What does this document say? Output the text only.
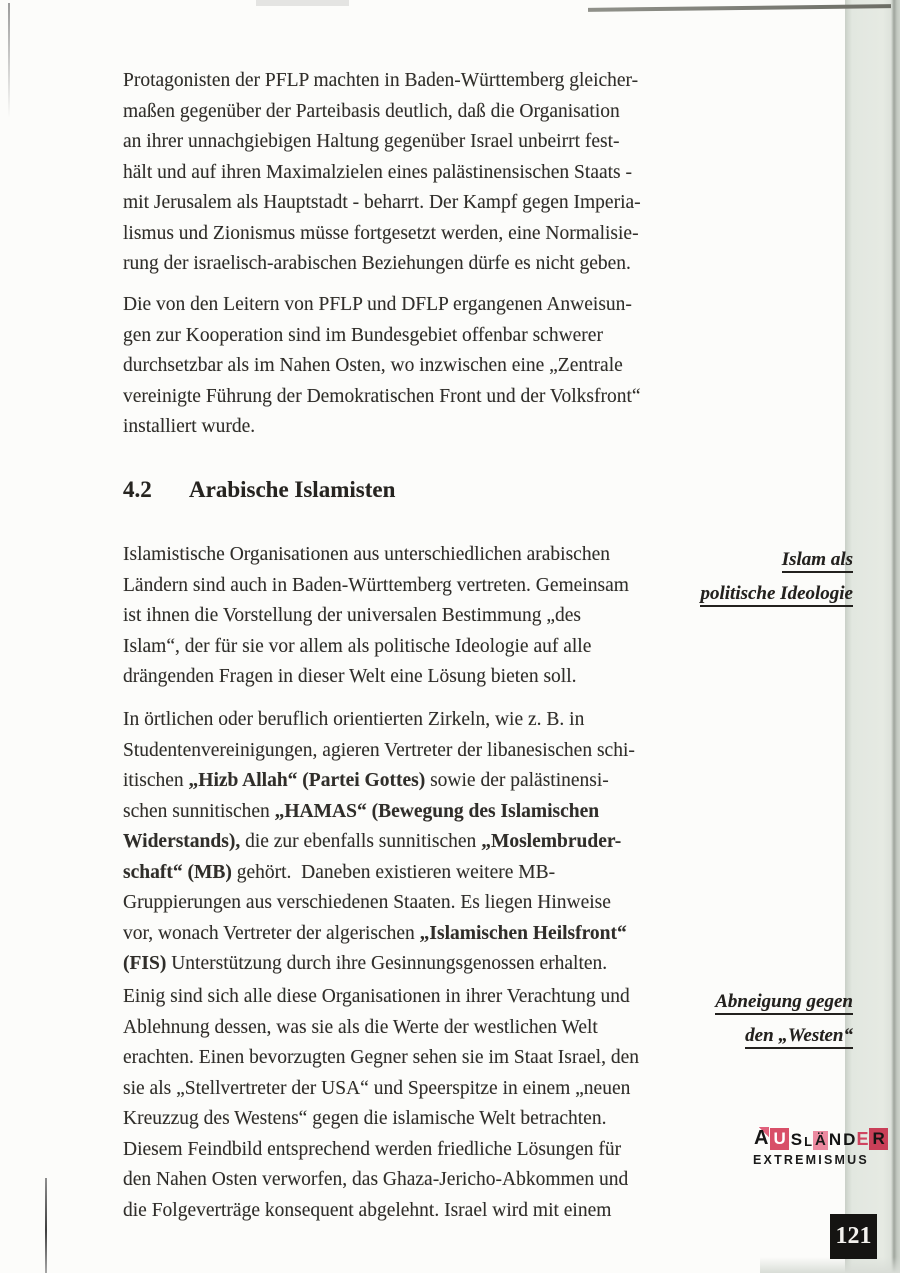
Protagonisten der PFLP machten in Baden-Württemberg gleicher-
maßen gegenüber der Parteibasis deutlich, daß die Organisation
an ihrer unnachgiebigen Haltung gegenüber Israel unbeirrt fest-
hält und auf ihren Maximalzielen eines palästinensischen Staats -
mit Jerusalem als Hauptstadt - beharrt. Der Kampf gegen Imperia-
lismus und Zionismus müsse fortgesetzt werden, eine Normalisie-
rung der israelisch-arabischen Beziehungen dürfe es nicht geben.

Die von den Leitern von PFLP und DFLP ergangenen Anweisun-
gen zur Kooperation sind im Bundesgebiet offenbar schwerer
durchsetzbar als im Nahen Osten, wo inzwischen eine „Zentrale
vereinigte Führung der Demokratischen Front und der Volksfront“
installiert wurde.

4.2 Arabische Islamisten

Islamistische Organisationen aus unterschiedlichen arabischen
Ländern sind auch in Baden-Württemberg vertreten. Gemeinsam
ist ihnen die Vorstellung der universalen Bestimmung „des
Islam“, der für sie vor allem als politische Ideologie auf alle
drängenden Fragen in dieser Welt eine Lösung bieten soll.

In örtlichen oder beruflich orientierten Zirkeln, wie z. B. in
Studentenvereinigungen, agieren Vertreter der libanesischen schi-
itischen „Hizb Allah“ (Partei Gottes) sowie der palästinensi-
schen sunnitischen „HAMAS“ (Bewegung des Islamischen
Widerstands), die zur ebenfalls sunnitischen „Moslembruder-
schaft“ (MB) gehört.  Daneben existieren weitere MB-
Gruppierungen aus verschiedenen Staaten. Es liegen Hinweise
vor, wonach Vertreter der algerischen „Islamischen Heilsfront“
(FIS) Unterstützung durch ihre Gesinnungsgenossen erhalten.

Einig sind sich alle diese Organisationen in ihrer Verachtung und
Ablehnung dessen, was sie als die Werte der westlichen Welt
erachten. Einen bevorzugten Gegner sehen sie im Staat Israel, den
sie als „Stellvertreter der USA“ und Speerspitze in einem „neuen
Kreuzzug des Westens“ gegen die islamische Welt betrachten.
Diesem Feindbild entsprechend werden friedliche Lösungen für
den Nahen Osten verworfen, das Ghaza-Jericho-Abkommen und
die Folgeverträge konsequent abgelehnt. Israel wird mit einem

Islam als
politische Ideologie
Abneigung gegen
den „Westen“
A U S L Ä N D E R
EXTREMISMUS
121
